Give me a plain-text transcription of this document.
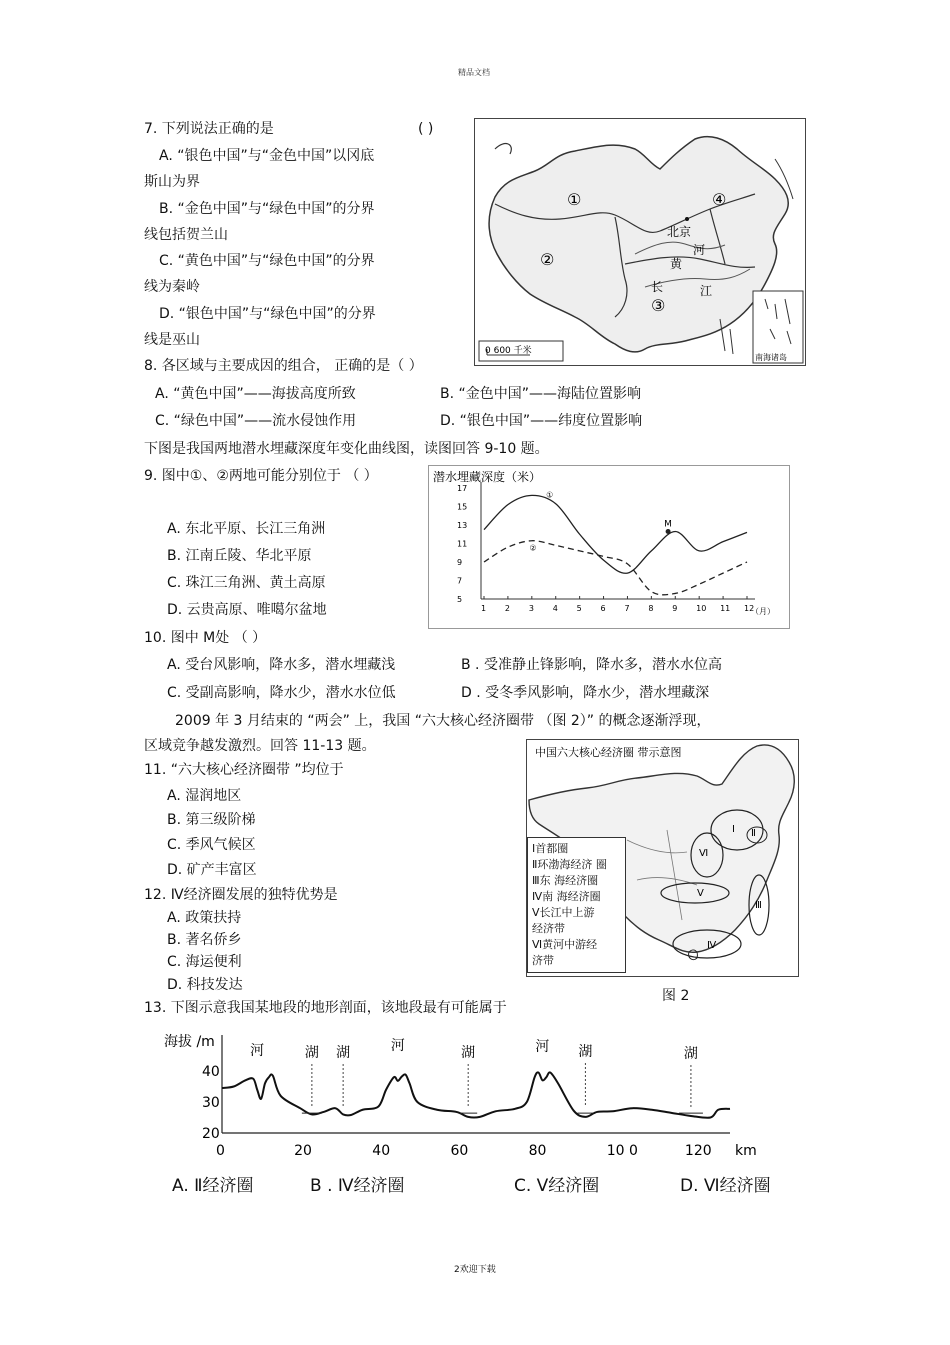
精品文档
7. 下列说法正确的是	( )
A. “银色中国”与“金色中国”以冈底
斯山为界
B. “金色中国”与“绿色中国”的分界
线包括贺兰山
C. “黄色中国”与“绿色中国”的分界
线为秦岭
D. “银色中国”与“绿色中国”的分界
线是巫山
①
②
③
④
北京
河
黄
长	江
0 600 千米
南海诸岛
8. 各区域与主要成因的组合， 正确的是（ ）
A. “黄色中国”——海拔高度所致	B. “金色中国”——海陆位置影响
C. “绿色中国”——流水侵蚀作用	D. “银色中国”——纬度位置影响
下图是我国两地潜水埋藏深度年变化曲线图，读图回答 9-10 题。
9. 图中①、②两地可能分别位于 （ ）
A. 东北平原、长江三角洲
B. 江南丘陵、华北平原
C. 珠江三角洲、黄土高原
D. 云贵高原、唯噶尔盆地
潜水埋藏深度（米）
（月）
5
7
9
11
13
15
17
1 2 3 4 5 6 7 8 9 10 11 12
①
②
M
10. 图中 M处 （ ）
A. 受台风影响，降水多，潜水埋藏浅	B . 受准静止锋影响，降水多，潜水水位高
C. 受副高影响，降水少，潜水水位低	D . 受冬季风影响，降水少，潜水埋藏深
2009 年 3 月结束的 “两会” 上，我国 “六大核心经济圈带 （图 2）” 的概念逐渐浮现，
区域竞争越发激烈。回答 11-13 题。
11. “六大核心经济圈带 ”均位于
A. 湿润地区
B. 第三级阶梯
C. 季风气候区
D. 矿产丰富区
12. Ⅳ经济圈发展的独特优势是
A. 政策扶持
B. 著名侨乡
C. 海运便利
D. 科技发达
13. 下图示意我国某地段的地形剖面，该地段最有可能属于
中国六大核心经济圈 带示意图
Ⅰ Ⅱ
Ⅲ
Ⅳ
Ⅴ
Ⅵ
Ⅰ首都圈
Ⅱ环渤海经济 圈
Ⅲ东 海经济圈
Ⅳ南 海经济圈
Ⅴ长江中上游
经济带
Ⅵ黄河中游经
济带
图 2
海拔 /m
km
20
30
40
0	20	40	60	80	10 0	120
河	湖 湖	河	湖	河 湖	湖
A. Ⅱ经济圈	B . Ⅳ经济圈	C. Ⅴ经济圈	D. Ⅵ经济圈
2欢迎下载
